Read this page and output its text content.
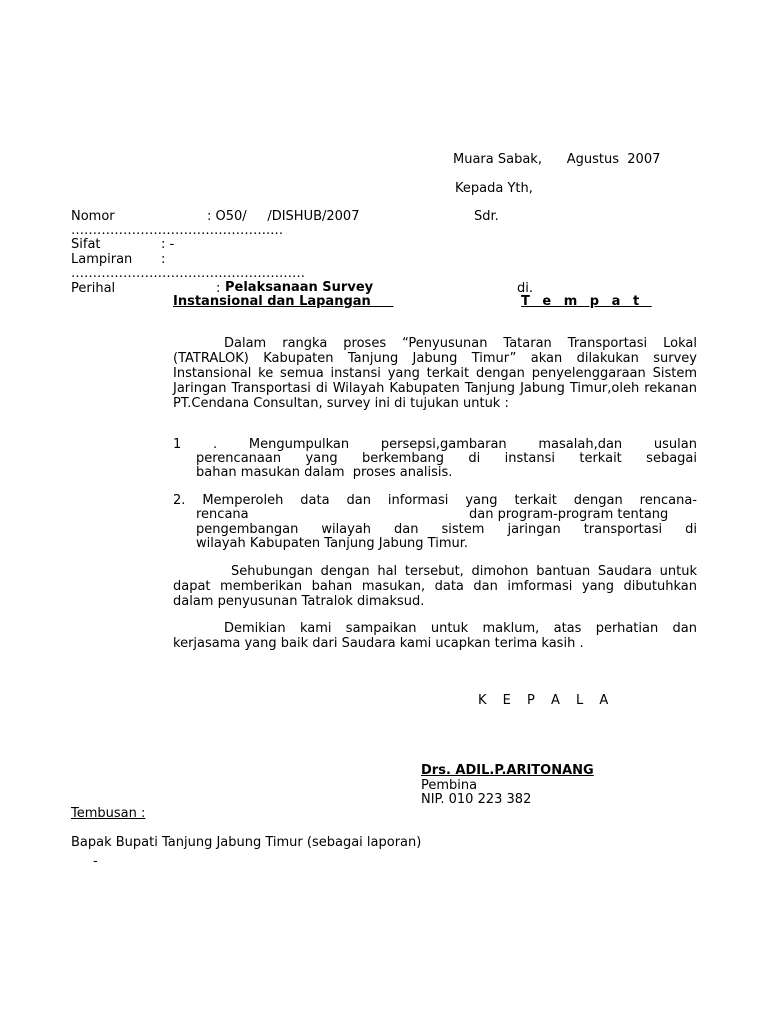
Muara Sabak,      Agustus  2007
Kepada Yth,
Sdr.
Nomor	: O50/     /DISHUB/2007
……………………………………….…
Sifat	: -
Lampiran :
………………………………………………
Perihal	: Pelaksanaan Survey
Instansional dan Lapangan
di.
T e m p a t
Dalam rangka proses “Penyusunan Tataran Transportasi Lokal (TATRALOK) Kabupaten Tanjung Jabung Timur” akan dilakukan survey Instansional ke semua instansi yang terkait dengan penyelenggaraan Sistem Jaringan Transportasi di Wilayah Kabupaten Tanjung Jabung Timur,oleh rekanan PT.Cendana Consultan, survey ini di tujukan untuk :
1 . Mengumpulkan persepsi,gambaran masalah,dan usulan
perencanaan yang berkembang di instansi terkait sebagai
bahan masukan dalam  proses analisis.
2. Memperoleh data dan informasi yang terkait dengan rencana-
rencana	dan program-program tentang
pengembangan wilayah dan sistem jaringan transportasi di
wilayah Kabupaten Tanjung Jabung Timur.
Sehubungan dengan hal tersebut, dimohon bantuan Saudara untuk dapat memberikan bahan masukan, data dan imformasi yang dibutuhkan dalam penyusunan Tatralok dimaksud.
Demikian kami sampaikan untuk maklum, atas perhatian dan kerjasama yang baik dari Saudara kami ucapkan terima kasih .
K E P A L A
Drs. ADIL.P.ARITONANG
Pembina
NIP. 010 223 382
Tembusan :
Bapak Bupati Tanjung Jabung Timur (sebagai laporan)
-
